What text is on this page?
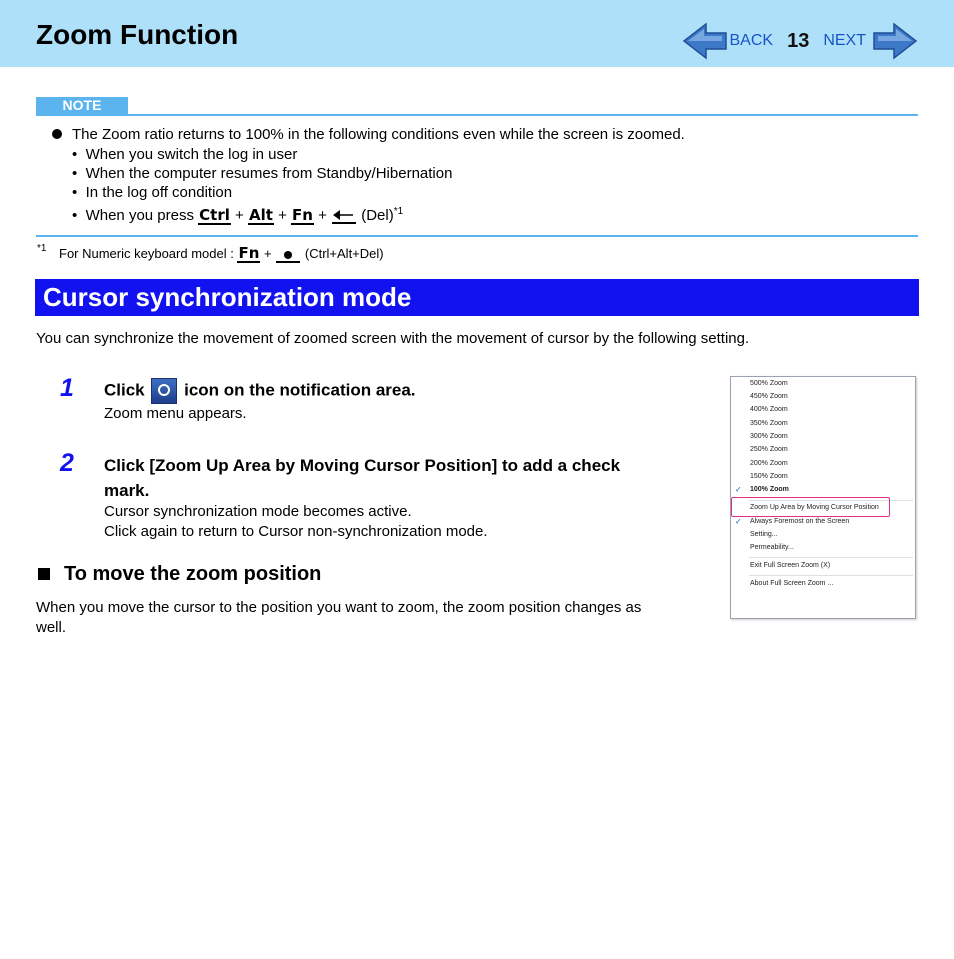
Zoom Function	BACK 13 NEXT
NOTE
The Zoom ratio returns to 100% in the following conditions even while the screen is zoomed.
•  When you switch the log in user
•  When the computer resumes from Standby/Hibernation
•  In the log off condition
•  When you press Ctrl + Alt + Fn + (Del)$^{*1}$
*1 For Numeric keyboard model : Fn +	(Ctrl+Alt+Del)
Cursor synchronization mode
You can synchronize the movement of zoomed screen with the movement of cursor by the following setting.
1 Click icon on the notification area.
Zoom menu appears.
2 Click [Zoom Up Area by Moving Cursor Position] to add a check
mark.
Cursor synchronization mode becomes active.
Click again to return to Cursor non-synchronization mode.
To move the zoom position
When you move the cursor to the position you want to zoom, the zoom position changes as
well.
500% Zoom
450% Zoom
400% Zoom
350% Zoom
300% Zoom
250% Zoom
200% Zoom
150% Zoom
✓ 100% Zoom
Zoom Up Area by Moving Cursor Position
✓ Always Foremost on the Screen
Setting...
Permeability...
Exit Full Screen Zoom (X)
About Full Screen Zoom ...
